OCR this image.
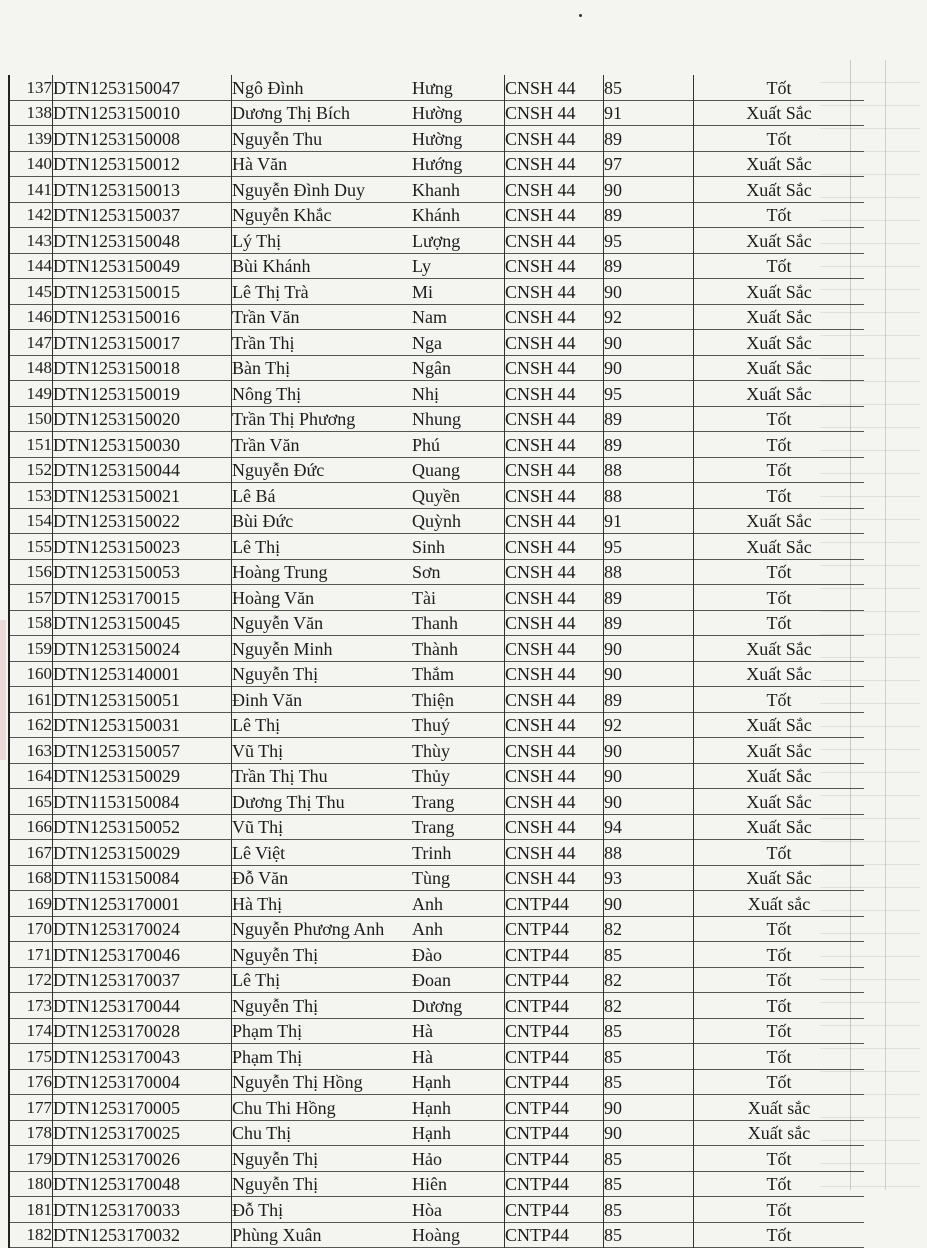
137	DTN1253150047	Ngô Đình	Hưng	CNSH 44	85	Tốt
138	DTN1253150010	Dương Thị Bích	Hường	CNSH 44	91	Xuất Sắc
139	DTN1253150008	Nguyễn Thu	Hường	CNSH 44	89	Tốt
140	DTN1253150012	Hà Văn	Hướng	CNSH 44	97	Xuất Sắc
141	DTN1253150013	Nguyễn Đình Duy	Khanh	CNSH 44	90	Xuất Sắc
142	DTN1253150037	Nguyễn Khắc	Khánh	CNSH 44	89	Tốt
143	DTN1253150048	Lý Thị	Lượng	CNSH 44	95	Xuất Sắc
144	DTN1253150049	Bùi Khánh	Ly	CNSH 44	89	Tốt
145	DTN1253150015	Lê Thị Trà	Mi	CNSH 44	90	Xuất Sắc
146	DTN1253150016	Trần Văn	Nam	CNSH 44	92	Xuất Sắc
147	DTN1253150017	Trần Thị	Nga	CNSH 44	90	Xuất Sắc
148	DTN1253150018	Bàn Thị	Ngân	CNSH 44	90	Xuất Sắc
149	DTN1253150019	Nông Thị	Nhị	CNSH 44	95	Xuất Sắc
150	DTN1253150020	Trần Thị Phương	Nhung	CNSH 44	89	Tốt
151	DTN1253150030	Trần Văn	Phú	CNSH 44	89	Tốt
152	DTN1253150044	Nguyễn Đức	Quang	CNSH 44	88	Tốt
153	DTN1253150021	Lê Bá	Quyền	CNSH 44	88	Tốt
154	DTN1253150022	Bùi Đức	Quỳnh	CNSH 44	91	Xuất Sắc
155	DTN1253150023	Lê Thị	Sinh	CNSH 44	95	Xuất Sắc
156	DTN1253150053	Hoàng Trung	Sơn	CNSH 44	88	Tốt
157	DTN1253170015	Hoàng Văn	Tài	CNSH 44	89	Tốt
158	DTN1253150045	Nguyễn Văn	Thanh	CNSH 44	89	Tốt
159	DTN1253150024	Nguyễn Minh	Thành	CNSH 44	90	Xuất Sắc
160	DTN1253140001	Nguyễn Thị	Thắm	CNSH 44	90	Xuất Sắc
161	DTN1253150051	Đinh Văn	Thiện	CNSH 44	89	Tốt
162	DTN1253150031	Lê Thị	Thuý	CNSH 44	92	Xuất Sắc
163	DTN1253150057	Vũ Thị	Thùy	CNSH 44	90	Xuất Sắc
164	DTN1253150029	Trần Thị Thu	Thủy	CNSH 44	90	Xuất Sắc
165	DTN1153150084	Dương Thị Thu	Trang	CNSH 44	90	Xuất Sắc
166	DTN1253150052	Vũ Thị	Trang	CNSH 44	94	Xuất Sắc
167	DTN1253150029	Lê Việt	Trinh	CNSH 44	88	Tốt
168	DTN1153150084	Đỗ Văn	Tùng	CNSH 44	93	Xuất Sắc
169	DTN1253170001	Hà Thị	Anh	CNTP44	90	Xuất sắc
170	DTN1253170024	Nguyễn Phương Anh	Anh	CNTP44	82	Tốt
171	DTN1253170046	Nguyễn Thị	Đào	CNTP44	85	Tốt
172	DTN1253170037	Lê Thị	Đoan	CNTP44	82	Tốt
173	DTN1253170044	Nguyễn Thị	Dương	CNTP44	82	Tốt
174	DTN1253170028	Phạm Thị	Hà	CNTP44	85	Tốt
175	DTN1253170043	Phạm Thị	Hà	CNTP44	85	Tốt
176	DTN1253170004	Nguyễn Thị Hồng	Hạnh	CNTP44	85	Tốt
177	DTN1253170005	Chu Thi Hồng	Hạnh	CNTP44	90	Xuất sắc
178	DTN1253170025	Chu Thị	Hạnh	CNTP44	90	Xuất sắc
179	DTN1253170026	Nguyễn Thị	Hảo	CNTP44	85	Tốt
180	DTN1253170048	Nguyễn Thị	Hiên	CNTP44	85	Tốt
181	DTN1253170033	Đỗ Thị	Hòa	CNTP44	85	Tốt
182	DTN1253170032	Phùng Xuân	Hoàng	CNTP44	85	Tốt
